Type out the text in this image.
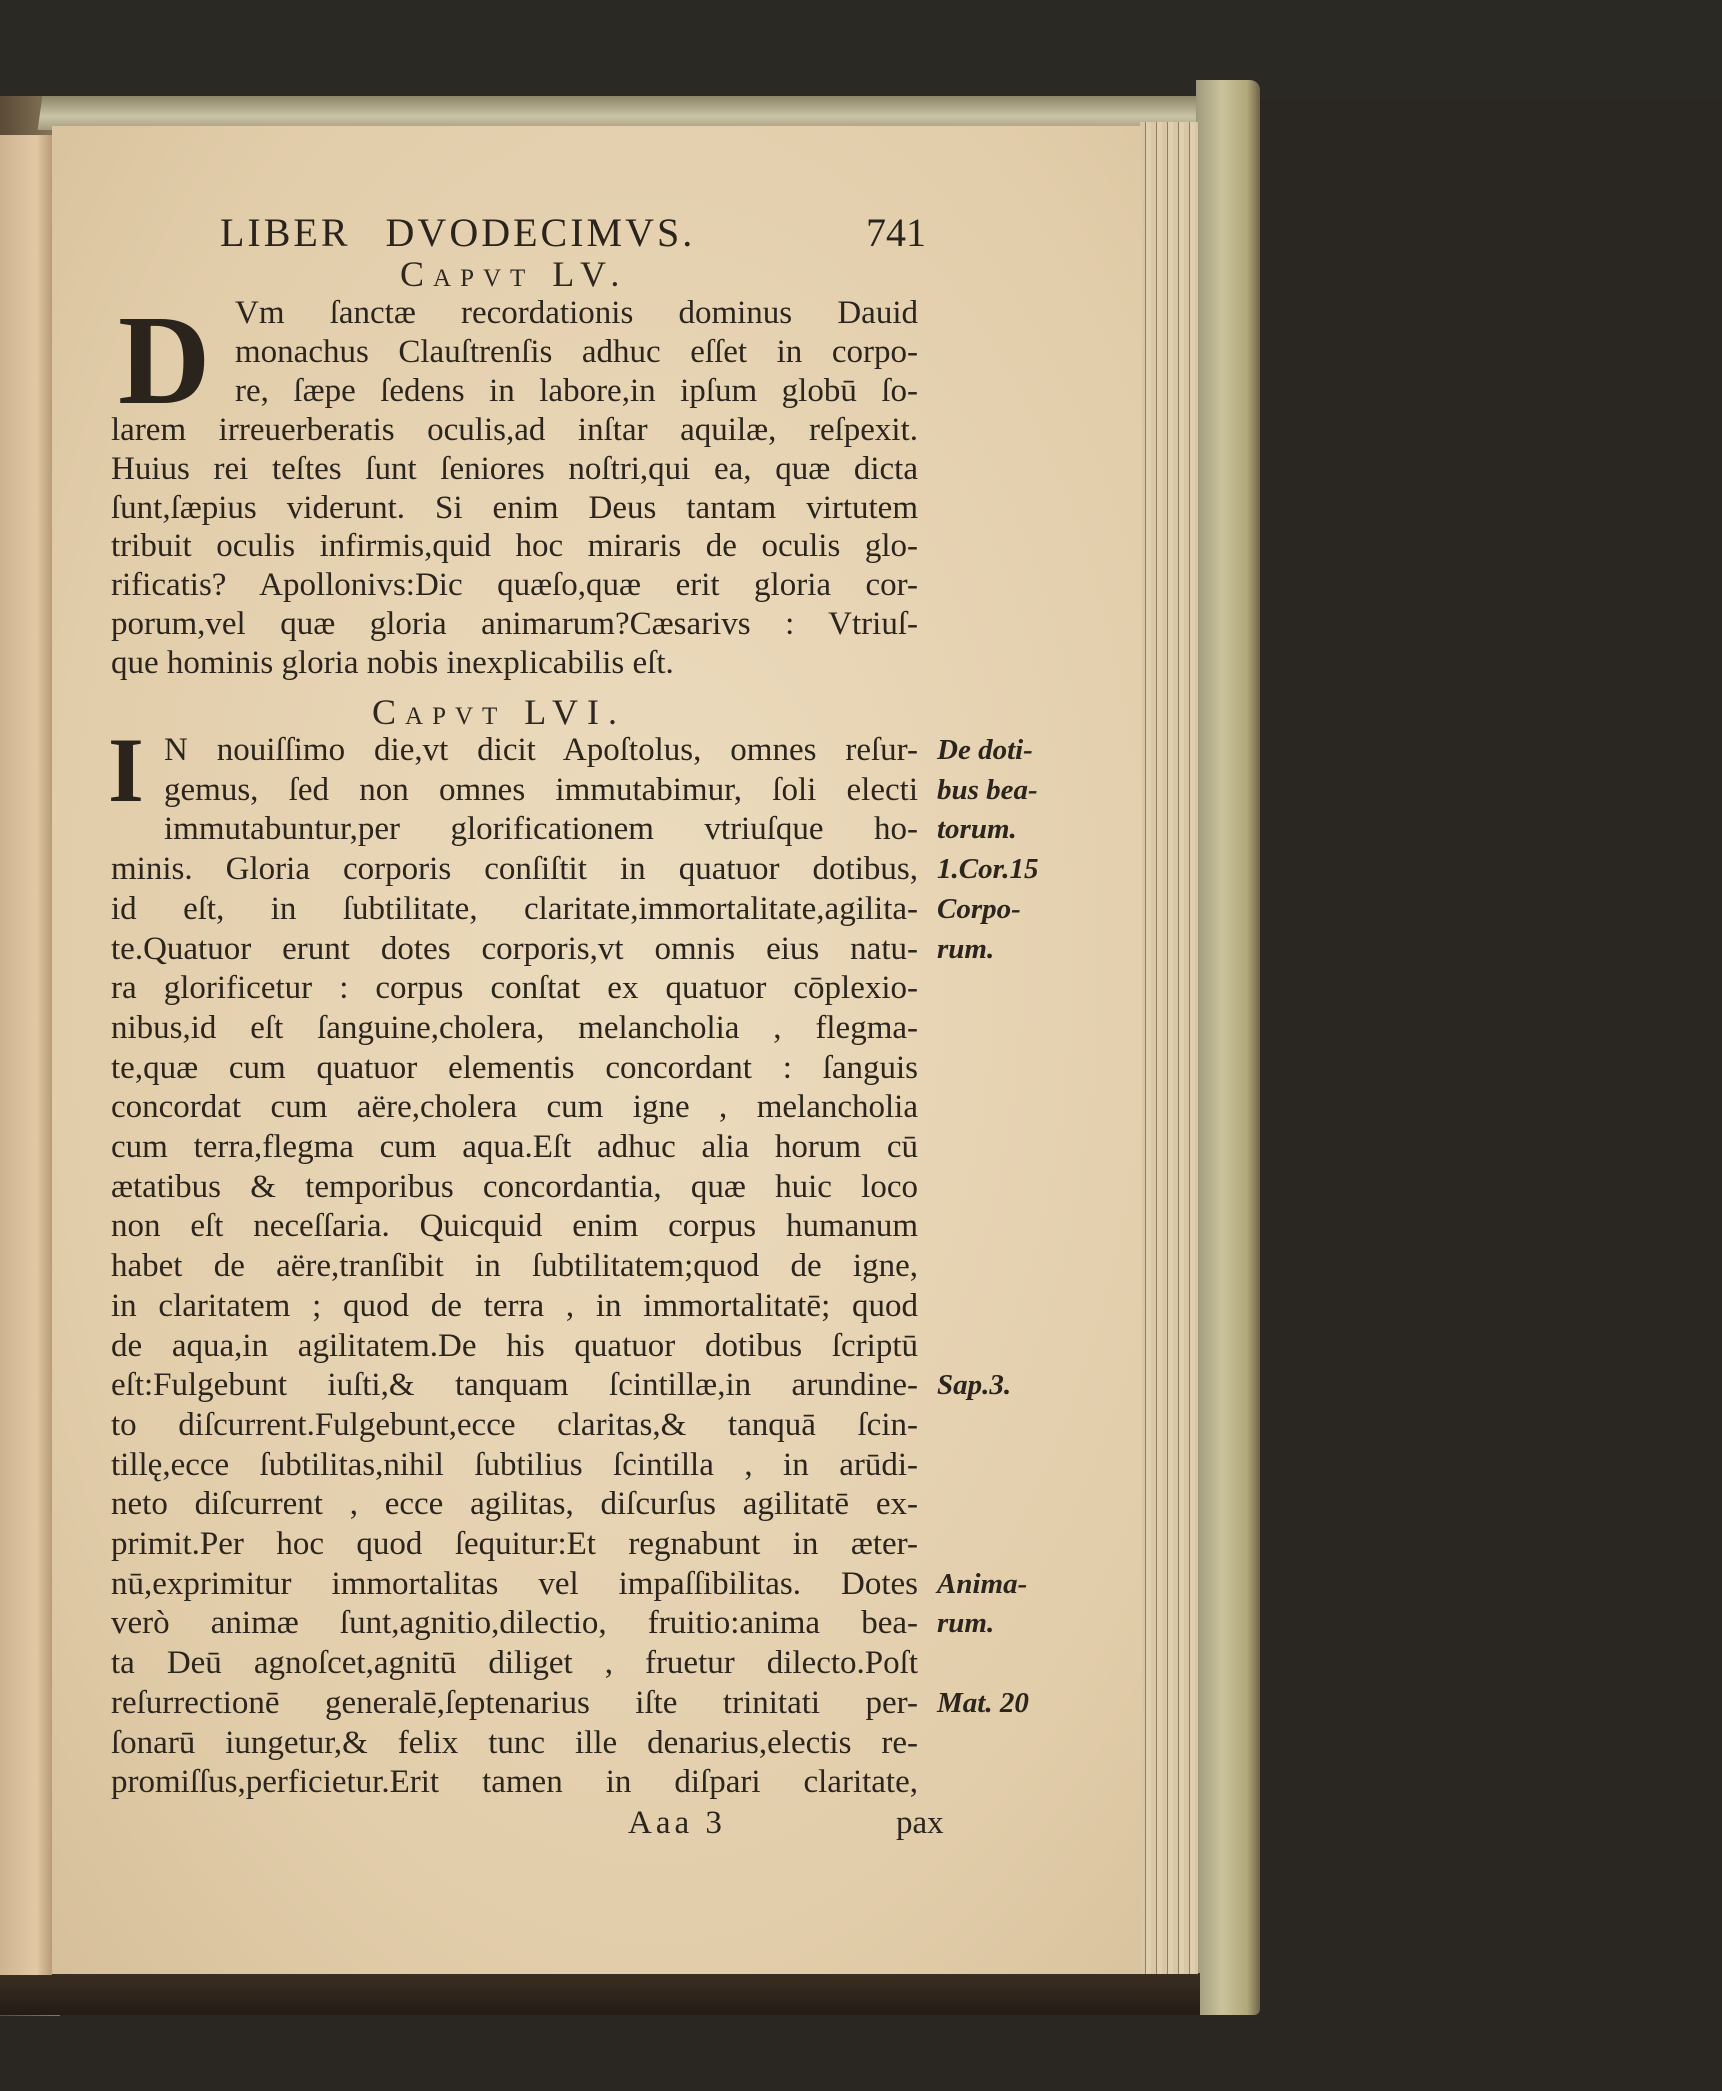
LIBER DVODECIMVS.	741
Capvt LV.
D
Capvt LVI.
I
Vm ſanctæ recordationis dominus Dauid
monachus Clauſtrenſis adhuc eſſet in corpo-
re, ſæpe ſedens in labore,in ipſum globū ſo-
larem irreuerberatis oculis,ad inſtar aquilæ, reſpexit.
Huius rei teſtes ſunt ſeniores noſtri,qui ea, quæ dicta
ſunt,ſæpius viderunt. Si enim Deus tantam virtutem
tribuit oculis infirmis,quid hoc miraris de oculis glo-
rificatis? Apollonivs:Dic quæſo,quæ erit gloria cor-
porum,vel quæ gloria animarum?Cæsarivs : Vtriuſ-
que hominis gloria nobis inexplicabilis eſt.
N nouiſſimo die,vt dicit Apoſtolus, omnes reſur-
gemus, ſed non omnes immutabimur, ſoli electi
immutabuntur,per glorificationem vtriuſque ho-
minis. Gloria corporis conſiſtit in quatuor dotibus,
id eſt, in ſubtilitate, claritate,immortalitate,agilita-
te.Quatuor erunt dotes corporis,vt omnis eius natu-
ra glorificetur : corpus conſtat ex quatuor cōplexio-
nibus,id eſt ſanguine,cholera, melancholia , flegma-
te,quæ cum quatuor elementis concordant : ſanguis
concordat cum aëre,cholera cum igne , melancholia
cum terra,flegma cum aqua.Eſt adhuc alia horum cū
ætatibus & temporibus concordantia, quæ huic loco
non eſt neceſſaria. Quicquid enim corpus humanum
habet de aëre,tranſibit in ſubtilitatem;quod de igne,
in claritatem ; quod de terra , in immortalitatē; quod
de aqua,in agilitatem.De his quatuor dotibus ſcriptū
eſt:Fulgebunt iuſti,& tanquam ſcintillæ,in arundine-
to diſcurrent.Fulgebunt,ecce claritas,& tanquā ſcin-
tillę,ecce ſubtilitas,nihil ſubtilius ſcintilla , in arūdi-
neto diſcurrent , ecce agilitas, diſcurſus agilitatē ex-
primit.Per hoc quod ſequitur:Et regnabunt in æter-
nū,exprimitur immortalitas vel impaſſibilitas. Dotes
verò animæ ſunt,agnitio,dilectio, fruitio:anima bea-
ta Deū agnoſcet,agnitū diliget , fruetur dilecto.Poſt
reſurrectionē generalē,ſeptenarius iſte trinitati per-
ſonarū iungetur,& felix tunc ille denarius,electis re-
promiſſus,perficietur.Erit tamen in diſpari claritate,
De doti-
bus bea-
torum.
1.Cor.15
Corpo-
rum.
Sap.3.
Anima-
rum.
Mat. 20
Aaa 3	pax
